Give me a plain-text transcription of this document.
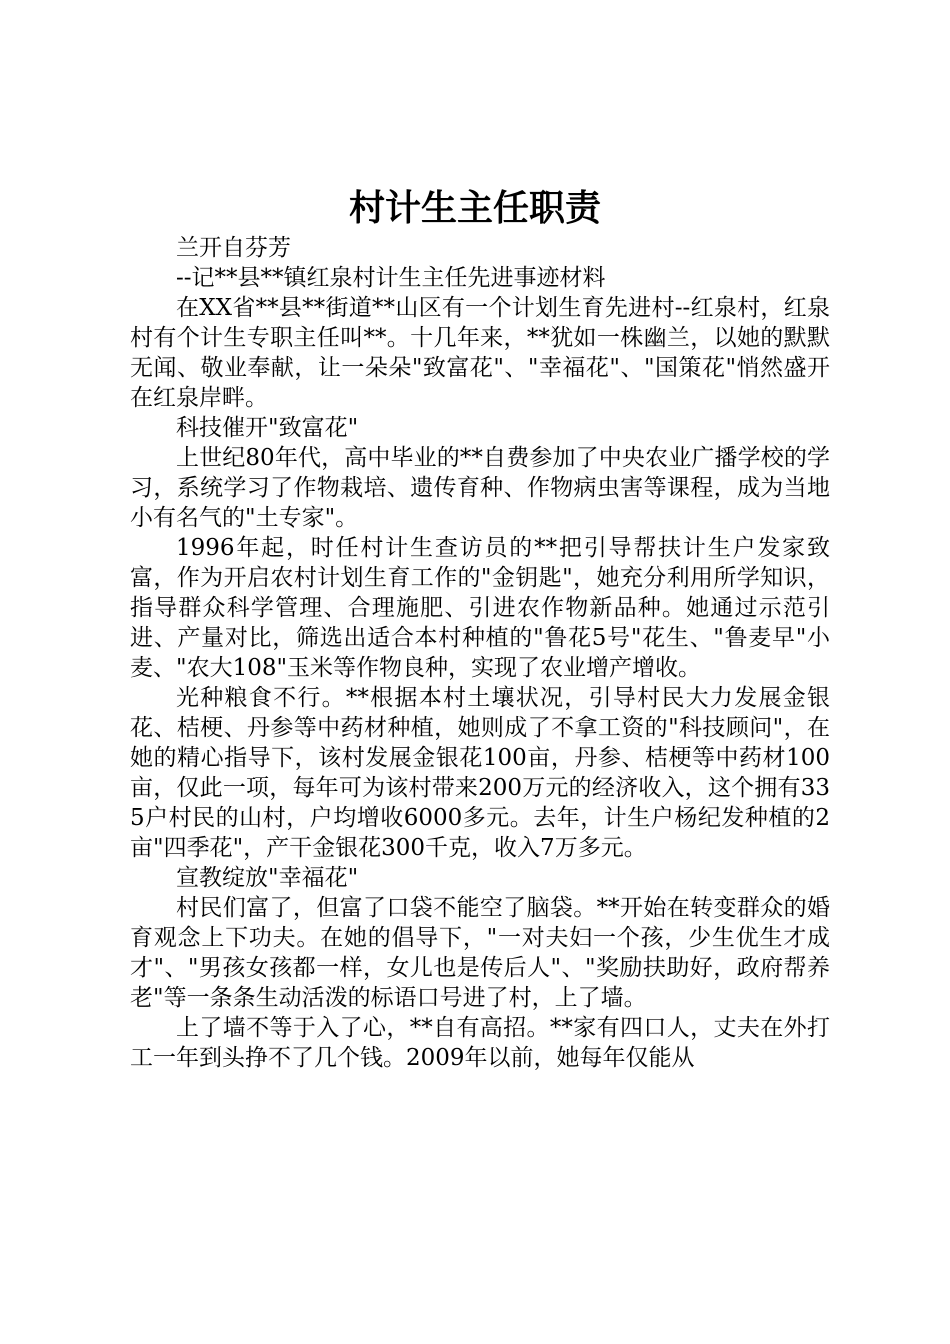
村计生主任职责

兰开自芬芳

--记**县**镇红泉村计生主任先进事迹材料

在XX省**县**街道**山区有一个计划生育先进村--红泉村，红泉村有个计生专职主任叫**。十几年来，**犹如一株幽兰，以她的默默无闻、敬业奉献，让一朵朵"致富花"、"幸福花"、"国策花"悄然盛开在红泉岸畔。

科技催开"致富花"

上世纪80年代，高中毕业的**自费参加了中央农业广播学校的学习，系统学习了作物栽培、遗传育种、作物病虫害等课程，成为当地小有名气的"土专家"。

1996年起，时任村计生查访员的**把引导帮扶计生户发家致富，作为开启农村计划生育工作的"金钥匙"，她充分利用所学知识，指导群众科学管理、合理施肥、引进农作物新品种。她通过示范引进、产量对比，筛选出适合本村种植的"鲁花5号"花生、"鲁麦早"小麦、"农大108"玉米等作物良种，实现了农业增产增收。

光种粮食不行。**根据本村土壤状况，引导村民大力发展金银花、桔梗、丹参等中药材种植，她则成了不拿工资的"科技顾问"，在她的精心指导下，该村发展金银花100亩，丹参、桔梗等中药材100亩，仅此一项，每年可为该村带来200万元的经济收入，这个拥有335户村民的山村，户均增收6000多元。去年，计生户杨纪发种植的2亩"四季花"，产干金银花300千克，收入7万多元。

宣教绽放"幸福花"

村民们富了，但富了口袋不能空了脑袋。**开始在转变群众的婚育观念上下功夫。在她的倡导下，"一对夫妇一个孩，少生优生才成才"、"男孩女孩都一样，女儿也是传后人"、"奖励扶助好，政府帮养老"等一条条生动活泼的标语口号进了村，上了墙。

上了墙不等于入了心，**自有高招。**家有四口人，丈夫在外打工一年到头挣不了几个钱。2009年以前，她每年仅能从
